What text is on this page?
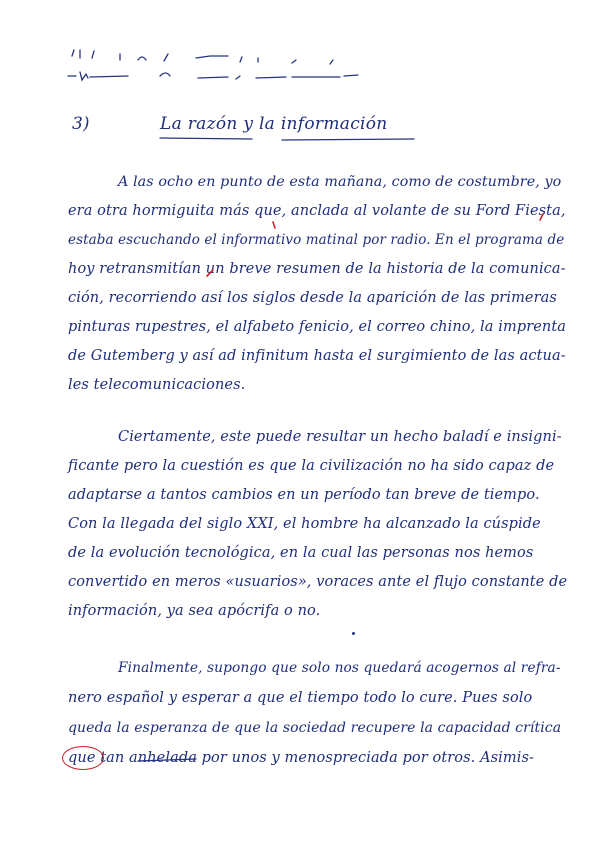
3)	La razón y la información
A las ocho en punto de esta mañana, como de costumbre, yo
era otra hormiguita más que, anclada al volante de su Ford Fiesta,
estaba escuchando el informativo matinal por radio. En el programa de
hoy retransmitían un breve resumen de la historia de la comunica-
ción, recorriendo así los siglos desde la aparición de las primeras
pinturas rupestres, el alfabeto fenicio, el correo chino, la imprenta
de Gutemberg y así ad infinitum hasta el surgimiento de las actua-
les telecomunicaciones.
Ciertamente, este puede resultar un hecho baladí e insigni-
ficante pero la cuestión es que la civilización no ha sido capaz de
adaptarse a tantos cambios en un período tan breve de tiempo.
Con la llegada del siglo XXI, el hombre ha alcanzado la cúspide
de la evolución tecnológica, en la cual las personas nos hemos
convertido en meros «usuarios», voraces ante el flujo constante de
información, ya sea apócrifa o no.
Finalmente, supongo que solo nos quedará acogernos al refra-
nero español y esperar a que el tiempo todo lo cure. Pues solo
queda la esperanza de que la sociedad recupere la capacidad crítica
que tan anhelada por unos y menospreciada por otros. Asimis-
